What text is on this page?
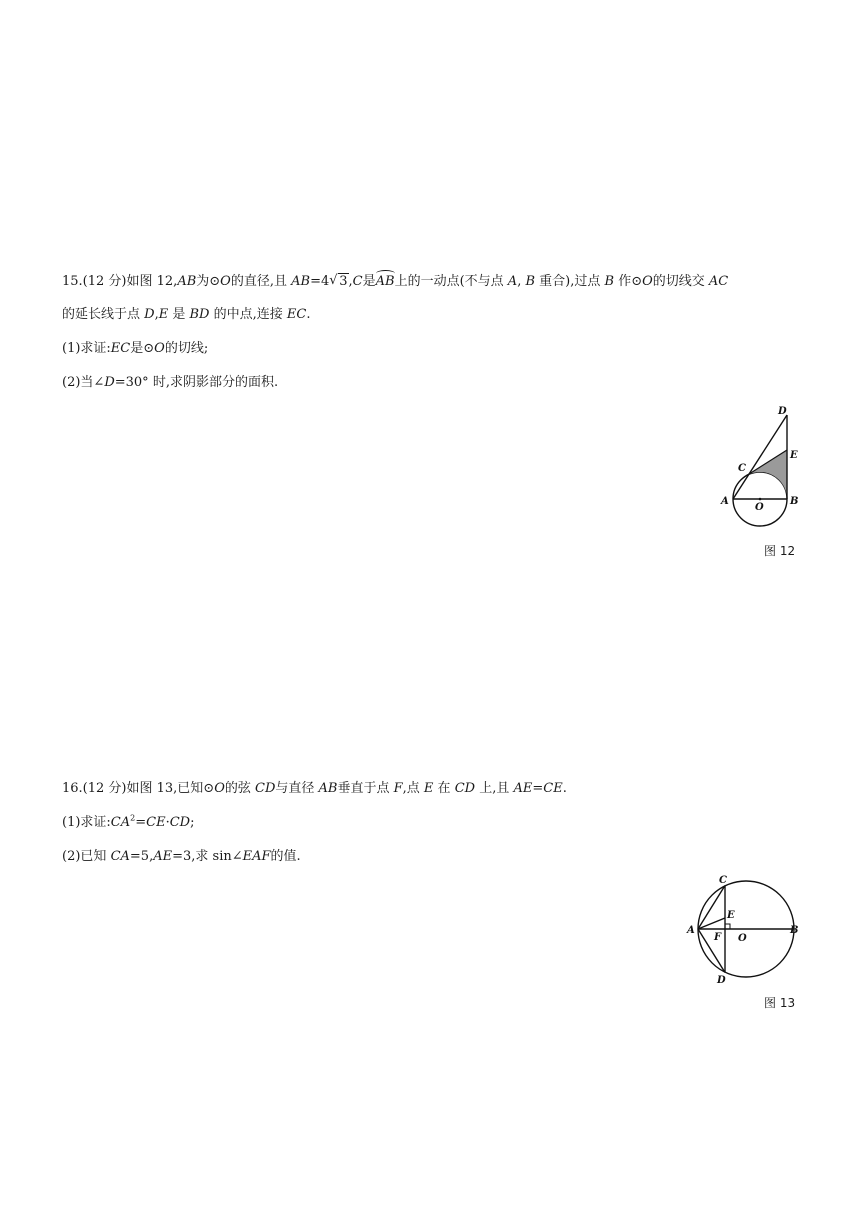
15.(12 分)如图 12,AB为⊙O的直径,且 AB=4√ 3,C是AB上的一动点(不与点 A, B 重合),过点 B 作⊙O的切线交 AC
的延长线于点 D,E 是 BD 的中点,连接 EC.
(1)求证:EC是⊙O的切线;
(2)当∠D=30° 时,求阴影部分的面积.
D
C
E
A
O
B
图 12
16.(12 分)如图 13,已知⊙O的弦 CD与直径 AB垂直于点 F,点 E 在 CD 上,且 AE=CE.
(1)求证$:CA^2=CE\cdot CD$;
(2)已知 CA=5,AE=3,求 sin∠EAF的值.
C
E
A
F O
B
D
图 13
